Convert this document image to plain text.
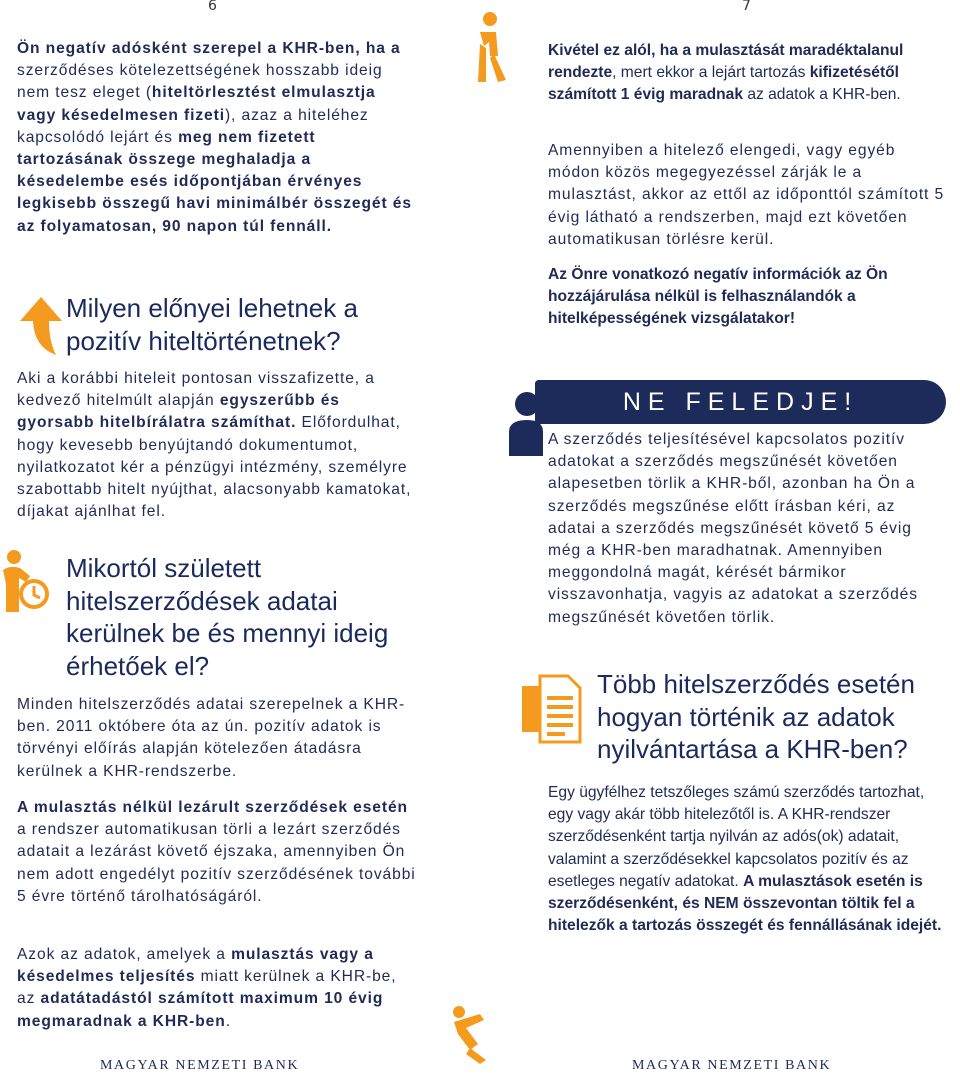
6

Ön negatív adósként szerepel a KHR-ben, ha a szerződéses kötelezettségének hosszabb ideig nem tesz eleget (hiteltörlesztést elmulasztja vagy késedelmesen fizeti), azaz a hiteléhez kapcsolódó lejárt és meg nem fizetett tartozásának összege meghaladja a késedelembe esés időpontjában érvényes legkisebb összegű havi minimálbér összegét és az folyamatosan, 90 napon túl fennáll.

Milyen előnyei lehetnek a pozitív hiteltörténetnek?

Aki a korábbi hiteleit pontosan visszafizette, a kedvező hitelmúlt alapján egyszerűbb és gyorsabb hitelbírálatra számíthat. Előfordulhat, hogy kevesebb benyújtandó dokumentumot, nyilatkozatot kér a pénzügyi intézmény, személyre szabottabb hitelt nyújthat, alacsonyabb kamatokat, díjakat ajánlhat fel.

Mikortól született hitelszerződések adatai kerülnek be és mennyi ideig érhetőek el?

Minden hitelszerződés adatai szerepelnek a KHR-ben. 2011 októbere óta az ún. pozitív adatok is törvényi előírás alapján kötelezően átadásra kerülnek a KHR-rendszerbe.

A mulasztás nélkül lezárult szerződések esetén a rendszer automatikusan törli a lezárt szerződés adatait a lezárást követő éjszaka, amennyiben Ön nem adott engedélyt pozitív szerződésének további 5 évre történő tárolhatóságáról.

Azok az adatok, amelyek a mulasztás vagy a késedelmes teljesítés miatt kerülnek a KHR-be, az adatátadástól számított maximum 10 évig megmaradnak a KHR-ben.

MAGYAR NEMZETI BANK
7

Kivétel ez alól, ha a mulasztását maradéktalanul rendezte, mert ekkor a lejárt tartozás kifizetésétől számított 1 évig maradnak az adatok a KHR-ben.

Amennyiben a hitelező elengedi, vagy egyéb módon közös megegyezéssel zárják le a mulasztást, akkor az ettől az időponttól számított 5 évig látható a rendszerben, majd ezt követően automatikusan törlésre kerül.

Az Önre vonatkozó negatív információk az Ön hozzájárulása nélkül is felhasználandók a hitelképességének vizsgálatakor!

NE FELEDJE!

A szerződés teljesítésével kapcsolatos pozitív adatokat a szerződés megszűnését követően alapesetben törlik a KHR-ből, azonban ha Ön a szerződés megszűnése előtt írásban kéri, az adatai a szerződés megszűnését követő 5 évig még a KHR-ben maradhatnak. Amennyiben meggondolná magát, kérését bármikor visszavonhatja, vagyis az adatokat a szerződés megszűnését követően törlik.

Több hitelszerződés esetén hogyan történik az adatok nyilvántartása a KHR-ben?

Egy ügyfélhez tetszőleges számú szerződés tartozhat, egy vagy akár több hitelezőtől is. A KHR-rendszer szerződésenként tartja nyilván az adós(ok) adatait, valamint a szerződésekkel kapcsolatos pozitív és az esetleges negatív adatokat. A mulasztások esetén is szerződésenként, és NEM összevontan töltik fel a hitelezők a tartozás összegét és fennállásának idejét.

MAGYAR NEMZETI BANK
